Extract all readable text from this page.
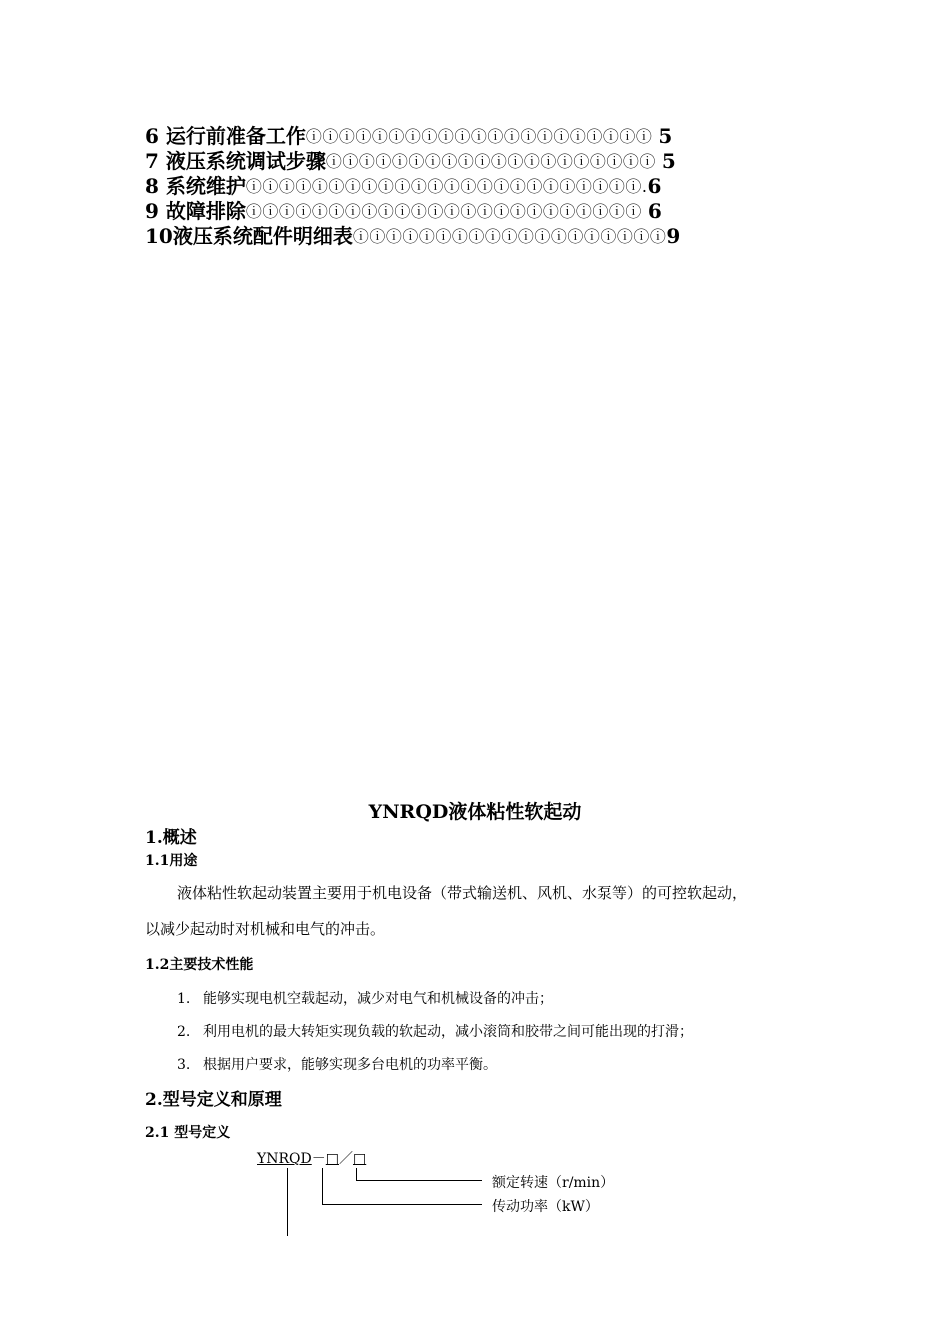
6
运行前准备工作 ⓘⓘⓘⓘⓘⓘⓘⓘⓘⓘⓘⓘⓘⓘⓘⓘⓘⓘⓘⓘⓘ 5
7
液压系统调试步骤 ⓘⓘⓘⓘⓘⓘⓘⓘⓘⓘⓘⓘⓘⓘⓘⓘⓘⓘⓘⓘ 5
8
系统维护 ⓘⓘⓘⓘⓘⓘⓘⓘⓘⓘⓘⓘⓘⓘⓘⓘⓘⓘⓘⓘⓘⓘⓘⓘ. 6
9
故障排除 ⓘⓘⓘⓘⓘⓘⓘⓘⓘⓘⓘⓘⓘⓘⓘⓘⓘⓘⓘⓘⓘⓘⓘⓘ 6
10 液压系统配件明细表 ⓘⓘⓘⓘⓘⓘⓘⓘⓘⓘⓘⓘⓘⓘⓘⓘⓘⓘⓘ 9
YNRQD液体粘性软起动
1.概述
1.1用途
液体粘性软起动装置主要用于机电设备（带式输送机、风机、水泵等）的可控软起动，
以减少起动时对机械和电气的冲击。
1.2主要技术性能
1. 能够实现电机空载起动，减少对电气和机械设备的冲击；
2. 利用电机的最大转矩实现负载的软起动，减小滚筒和胶带之间可能出现的打滑；
3. 根据用户要求，能够实现多台电机的功率平衡。
2.型号定义和原理
2.1 型号定义
YNRQD－□／□
额定转速（r/min）
传动功率（kW）
